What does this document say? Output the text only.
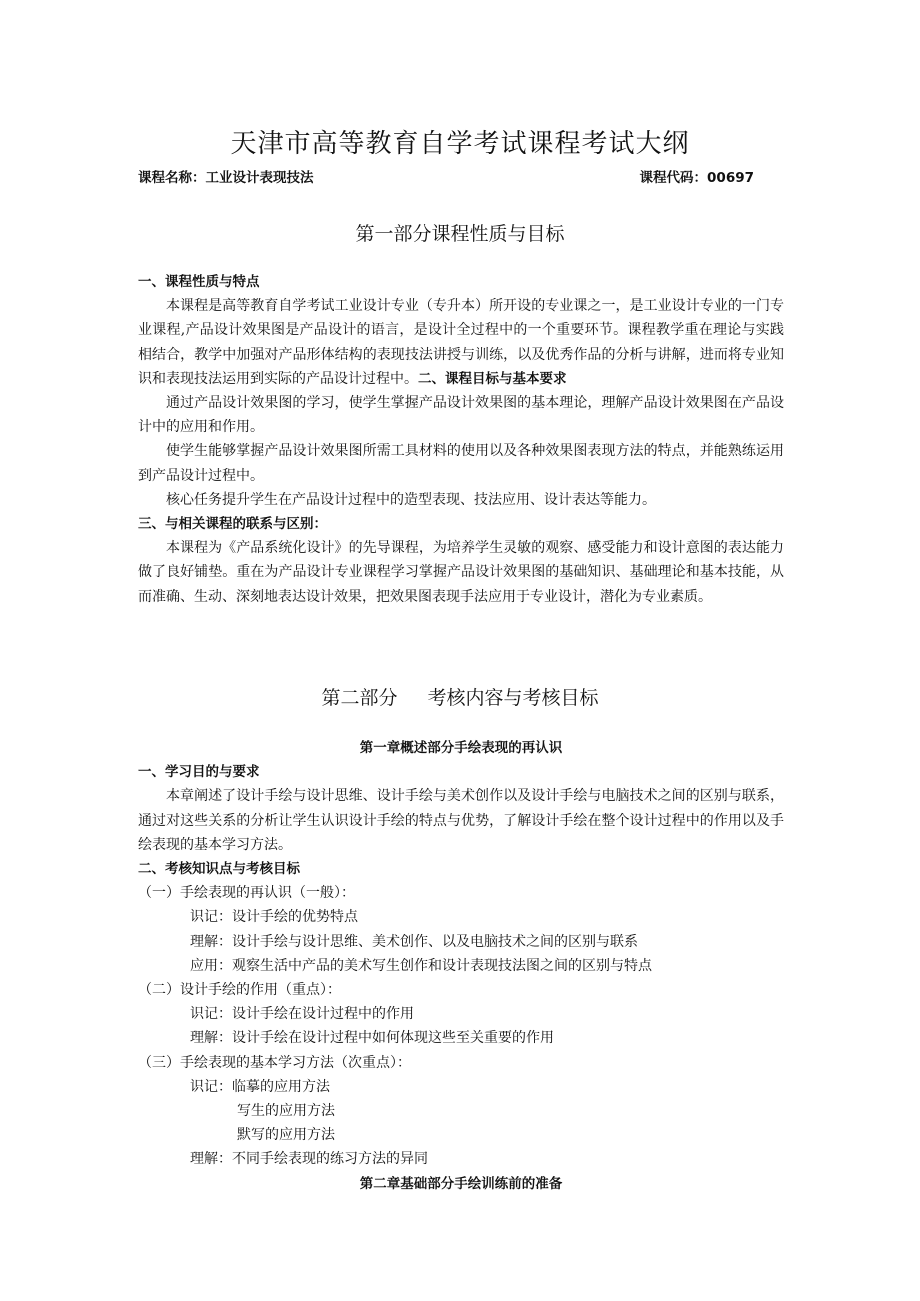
天津市高等教育自学考试课程考试大纲
课程名称：工业设计表现技法	课程代码：00697
第一部分课程性质与目标

一、课程性质与特点

本课程是高等教育自学考试工业设计专业（专升本）所开设的专业课之一，是工业设计专业的一门专业课程,产品设计效果图是产品设计的语言，是设计全过程中的一个重要环节。课程教学重在理论与实践相结合，教学中加强对产品形体结构的表现技法讲授与训练，以及优秀作品的分析与讲解，进而将专业知识和表现技法运用到实际的产品设计过程中。二、课程目标与基本要求

通过产品设计效果图的学习，使学生掌握产品设计效果图的基本理论，理解产品设计效果图在产品设计中的应用和作用。

使学生能够掌握产品设计效果图所需工具材料的使用以及各种效果图表现方法的特点，并能熟练运用到产品设计过程中。

核心任务提升学生在产品设计过程中的造型表现、技法应用、设计表达等能力。

三、与相关课程的联系与区别：

本课程为《产品系统化设计》的先导课程，为培养学生灵敏的观察、感受能力和设计意图的表达能力做了良好铺垫。重在为产品设计专业课程学习掌握产品设计效果图的基础知识、基础理论和基本技能，从而准确、生动、深刻地表达设计效果，把效果图表现手法应用于专业设计，潜化为专业素质。

第二部分 考核内容与考核目标

第一章概述部分手绘表现的再认识

一、学习目的与要求

本章阐述了设计手绘与设计思维、设计手绘与美术创作以及设计手绘与电脑技术之间的区别与联系，通过对这些关系的分析让学生认识设计手绘的特点与优势，了解设计手绘在整个设计过程中的作用以及手绘表现的基本学习方法。

二、考核知识点与考核目标

（一）手绘表现的再认识（一般）：

识记：设计手绘的优势特点

理解：设计手绘与设计思维、美术创作、以及电脑技术之间的区别与联系

应用：观察生活中产品的美术写生创作和设计表现技法图之间的区别与特点

（二）设计手绘的作用（重点）：

识记：设计手绘在设计过程中的作用

理解：设计手绘在设计过程中如何体现这些至关重要的作用

（三）手绘表现的基本学习方法（次重点）：

识记：临摹的应用方法

写生的应用方法

默写的应用方法

理解：不同手绘表现的练习方法的异同

第二章基础部分手绘训练前的准备
